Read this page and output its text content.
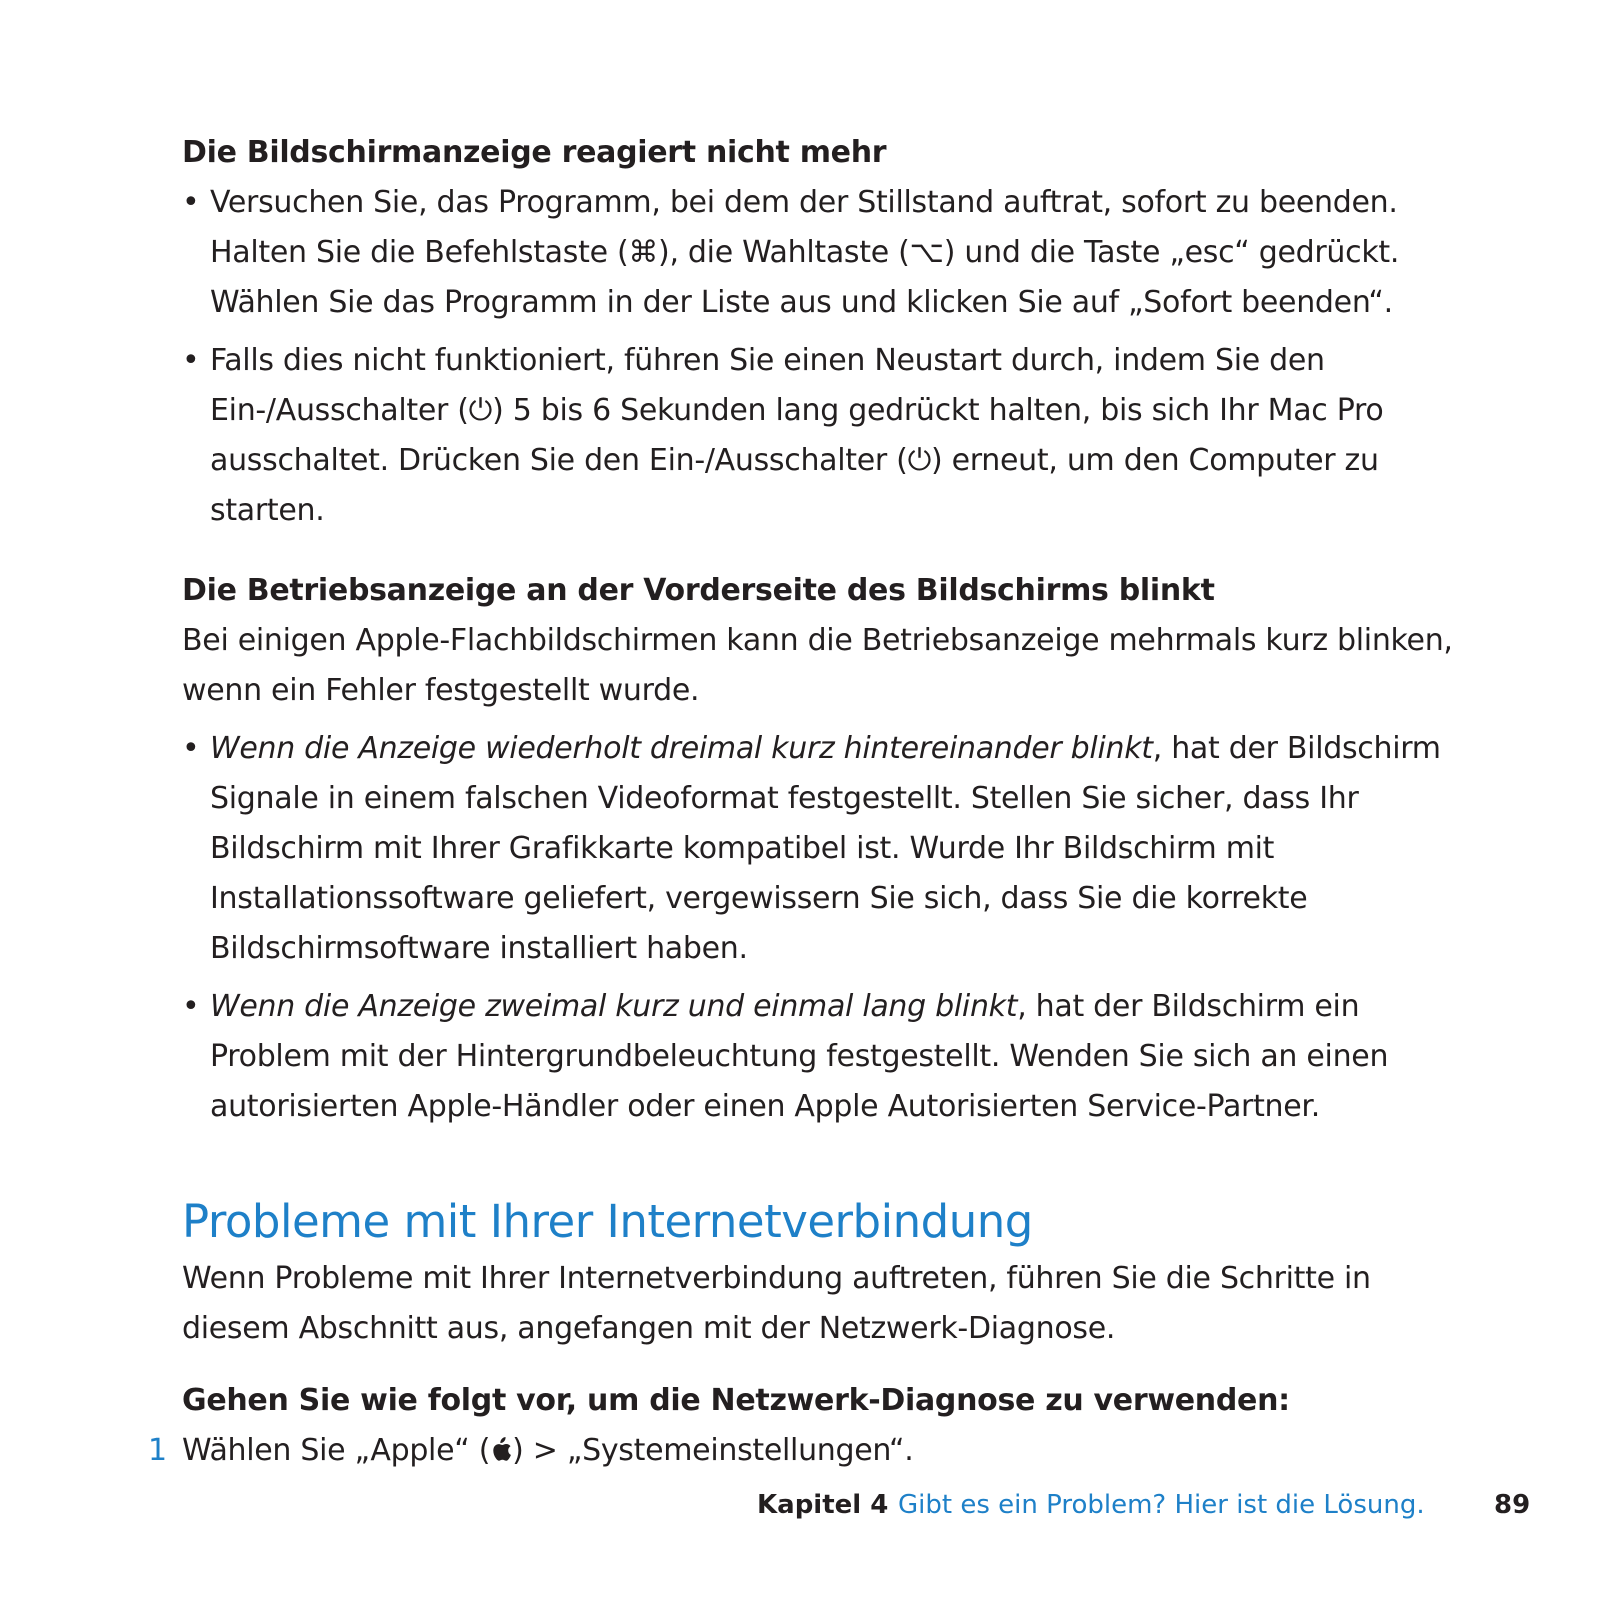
Die Bildschirmanzeige reagiert nicht mehr

• Versuchen Sie, das Programm, bei dem der Stillstand auftrat, sofort zu beenden. Halten Sie die Befehlstaste (⌘), die Wahltaste (⌥) und die Taste „esc“ gedrückt. Wählen Sie das Programm in der Liste aus und klicken Sie auf „Sofort beenden“.
• Falls dies nicht funktioniert, führen Sie einen Neustart durch, indem Sie den Ein-/Ausschalter (⏻) 5 bis 6 Sekunden lang gedrückt halten, bis sich Ihr Mac Pro ausschaltet. Drücken Sie den Ein-/Ausschalter (⏻) erneut, um den Computer zu starten.

Die Betriebsanzeige an der Vorderseite des Bildschirms blinkt

Bei einigen Apple-Flachbildschirmen kann die Betriebsanzeige mehrmals kurz blinken, wenn ein Fehler festgestellt wurde.

• Wenn die Anzeige wiederholt dreimal kurz hintereinander blinkt, hat der Bildschirm Signale in einem falschen Videoformat festgestellt. Stellen Sie sicher, dass Ihr Bildschirm mit Ihrer Grafikkarte kompatibel ist. Wurde Ihr Bildschirm mit Installationssoftware geliefert, vergewissern Sie sich, dass Sie die korrekte Bildschirmsoftware installiert haben.
• Wenn die Anzeige zweimal kurz und einmal lang blinkt, hat der Bildschirm ein Problem mit der Hintergrundbeleuchtung festgestellt. Wenden Sie sich an einen autorisierten Apple-Händler oder einen Apple Autorisierten Service-Partner.
Probleme mit Ihrer Internetverbindung

Wenn Probleme mit Ihrer Internetverbindung auftreten, führen Sie die Schritte in diesem Abschnitt aus, angefangen mit der Netzwerk-Diagnose.

Gehen Sie wie folgt vor, um die Netzwerk-Diagnose zu verwenden:

1 Wählen Sie „Apple“ ( ) > „Systemeinstellungen“.
Kapitel 4 Gibt es ein Problem? Hier ist die Lösung.	89
